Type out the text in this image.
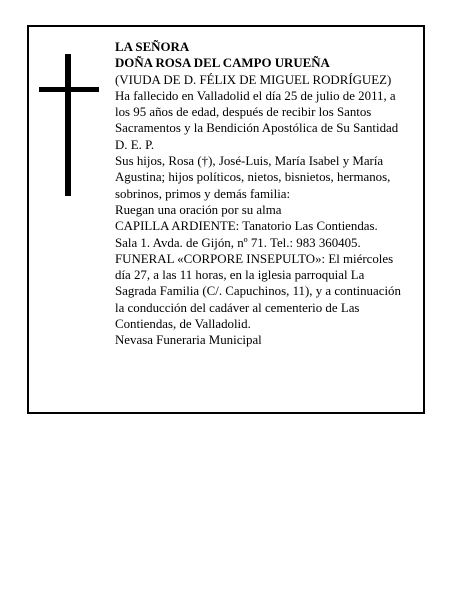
LA SEÑORA
DOÑA ROSA DEL CAMPO URUEÑA
(VIUDA DE D. FÉLIX DE MIGUEL RODRÍGUEZ)
Ha fallecido en Valladolid el día 25 de julio de 2011, a
los 95 años de edad, después de recibir los Santos
Sacramentos y la Bendición Apostólica de Su Santidad
D. E. P.
Sus hijos, Rosa (†), José-Luis, María Isabel y María
Agustina; hijos políticos, nietos, bisnietos, hermanos,
sobrinos, primos y demás familia:
Ruegan una oración por su alma
CAPILLA ARDIENTE: Tanatorio Las Contiendas.
Sala 1. Avda. de Gijón, nº 71. Tel.: 983 360405.
FUNERAL «CORPORE INSEPULTO»: El miércoles
día 27, a las 11 horas, en la iglesia parroquial La
Sagrada Familia (C/. Capuchinos, 11), y a continuación
la conducción del cadáver al cementerio de Las
Contiendas, de Valladolid.
Nevasa Funeraria Municipal
